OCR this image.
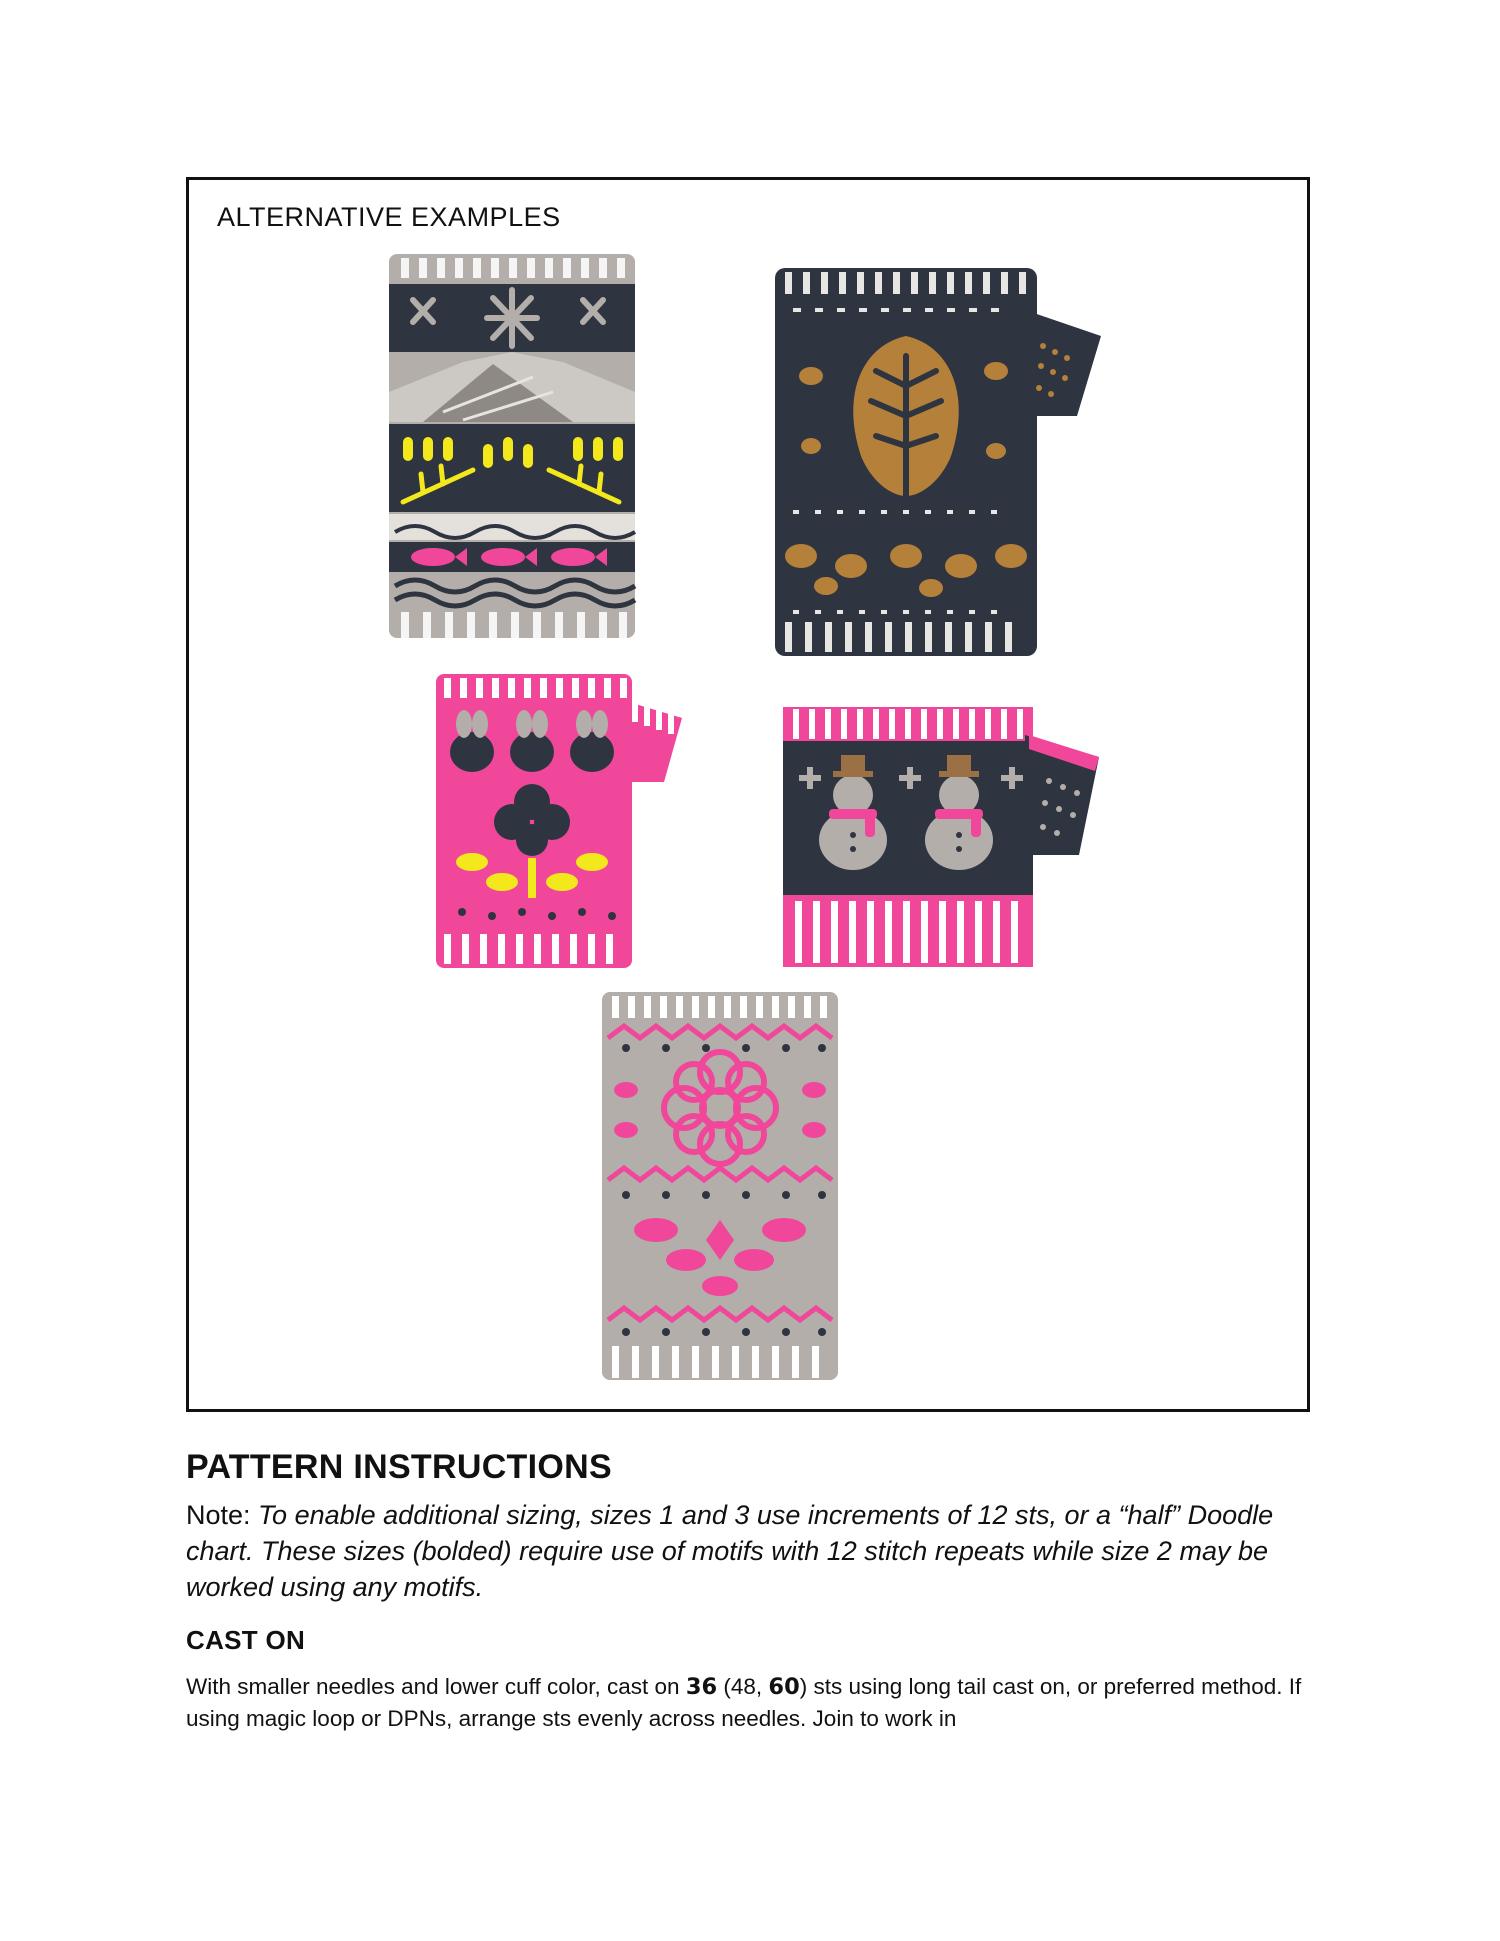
ALTERNATIVE EXAMPLES
PATTERN INSTRUCTIONS
Note: To enable additional sizing, sizes 1 and 3 use increments of 12 sts, or a “half” Doodle chart. These sizes (bolded) require use of motifs with 12 stitch repeats while size 2 may be worked using any motifs.
CAST ON
With smaller needles and lower cuff color, cast on 36 (48, 60) sts using long tail cast on, or preferred method. If using magic loop or DPNs, arrange sts evenly across needles. Join to work in
